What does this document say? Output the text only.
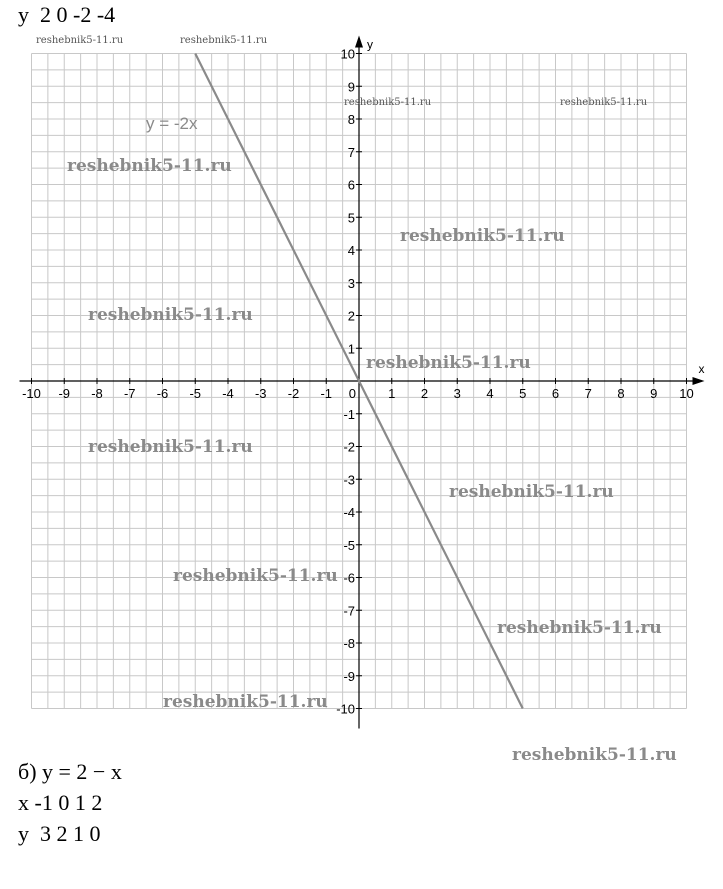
у  2 0 -2 -4
-10 -9 -8 -7 -6 -5 -4 -3 -2 -1 0 1 2 3 4 5 6 7 8 9 10
-10
-9
-8
-7
-6
-5
-4
-3
-2
-1
1
2
3
4
5
6
7
8
9
10
x
y
y = -2x
reshebnik5-11.ru	reshebnik5-11.ru
reshebnik5-11.ru	reshebnik5-11.ru
reshebnik5-11.ru
reshebnik5-11.ru
reshebnik5-11.ru
reshebnik5-11.ru
reshebnik5-11.ru
reshebnik5-11.ru
reshebnik5-11.ru
reshebnik5-11.ru
reshebnik5-11.ru
reshebnik5-11.ru
б) у = 2 − х
х -1 0 1 2
у  3 2 1 0
